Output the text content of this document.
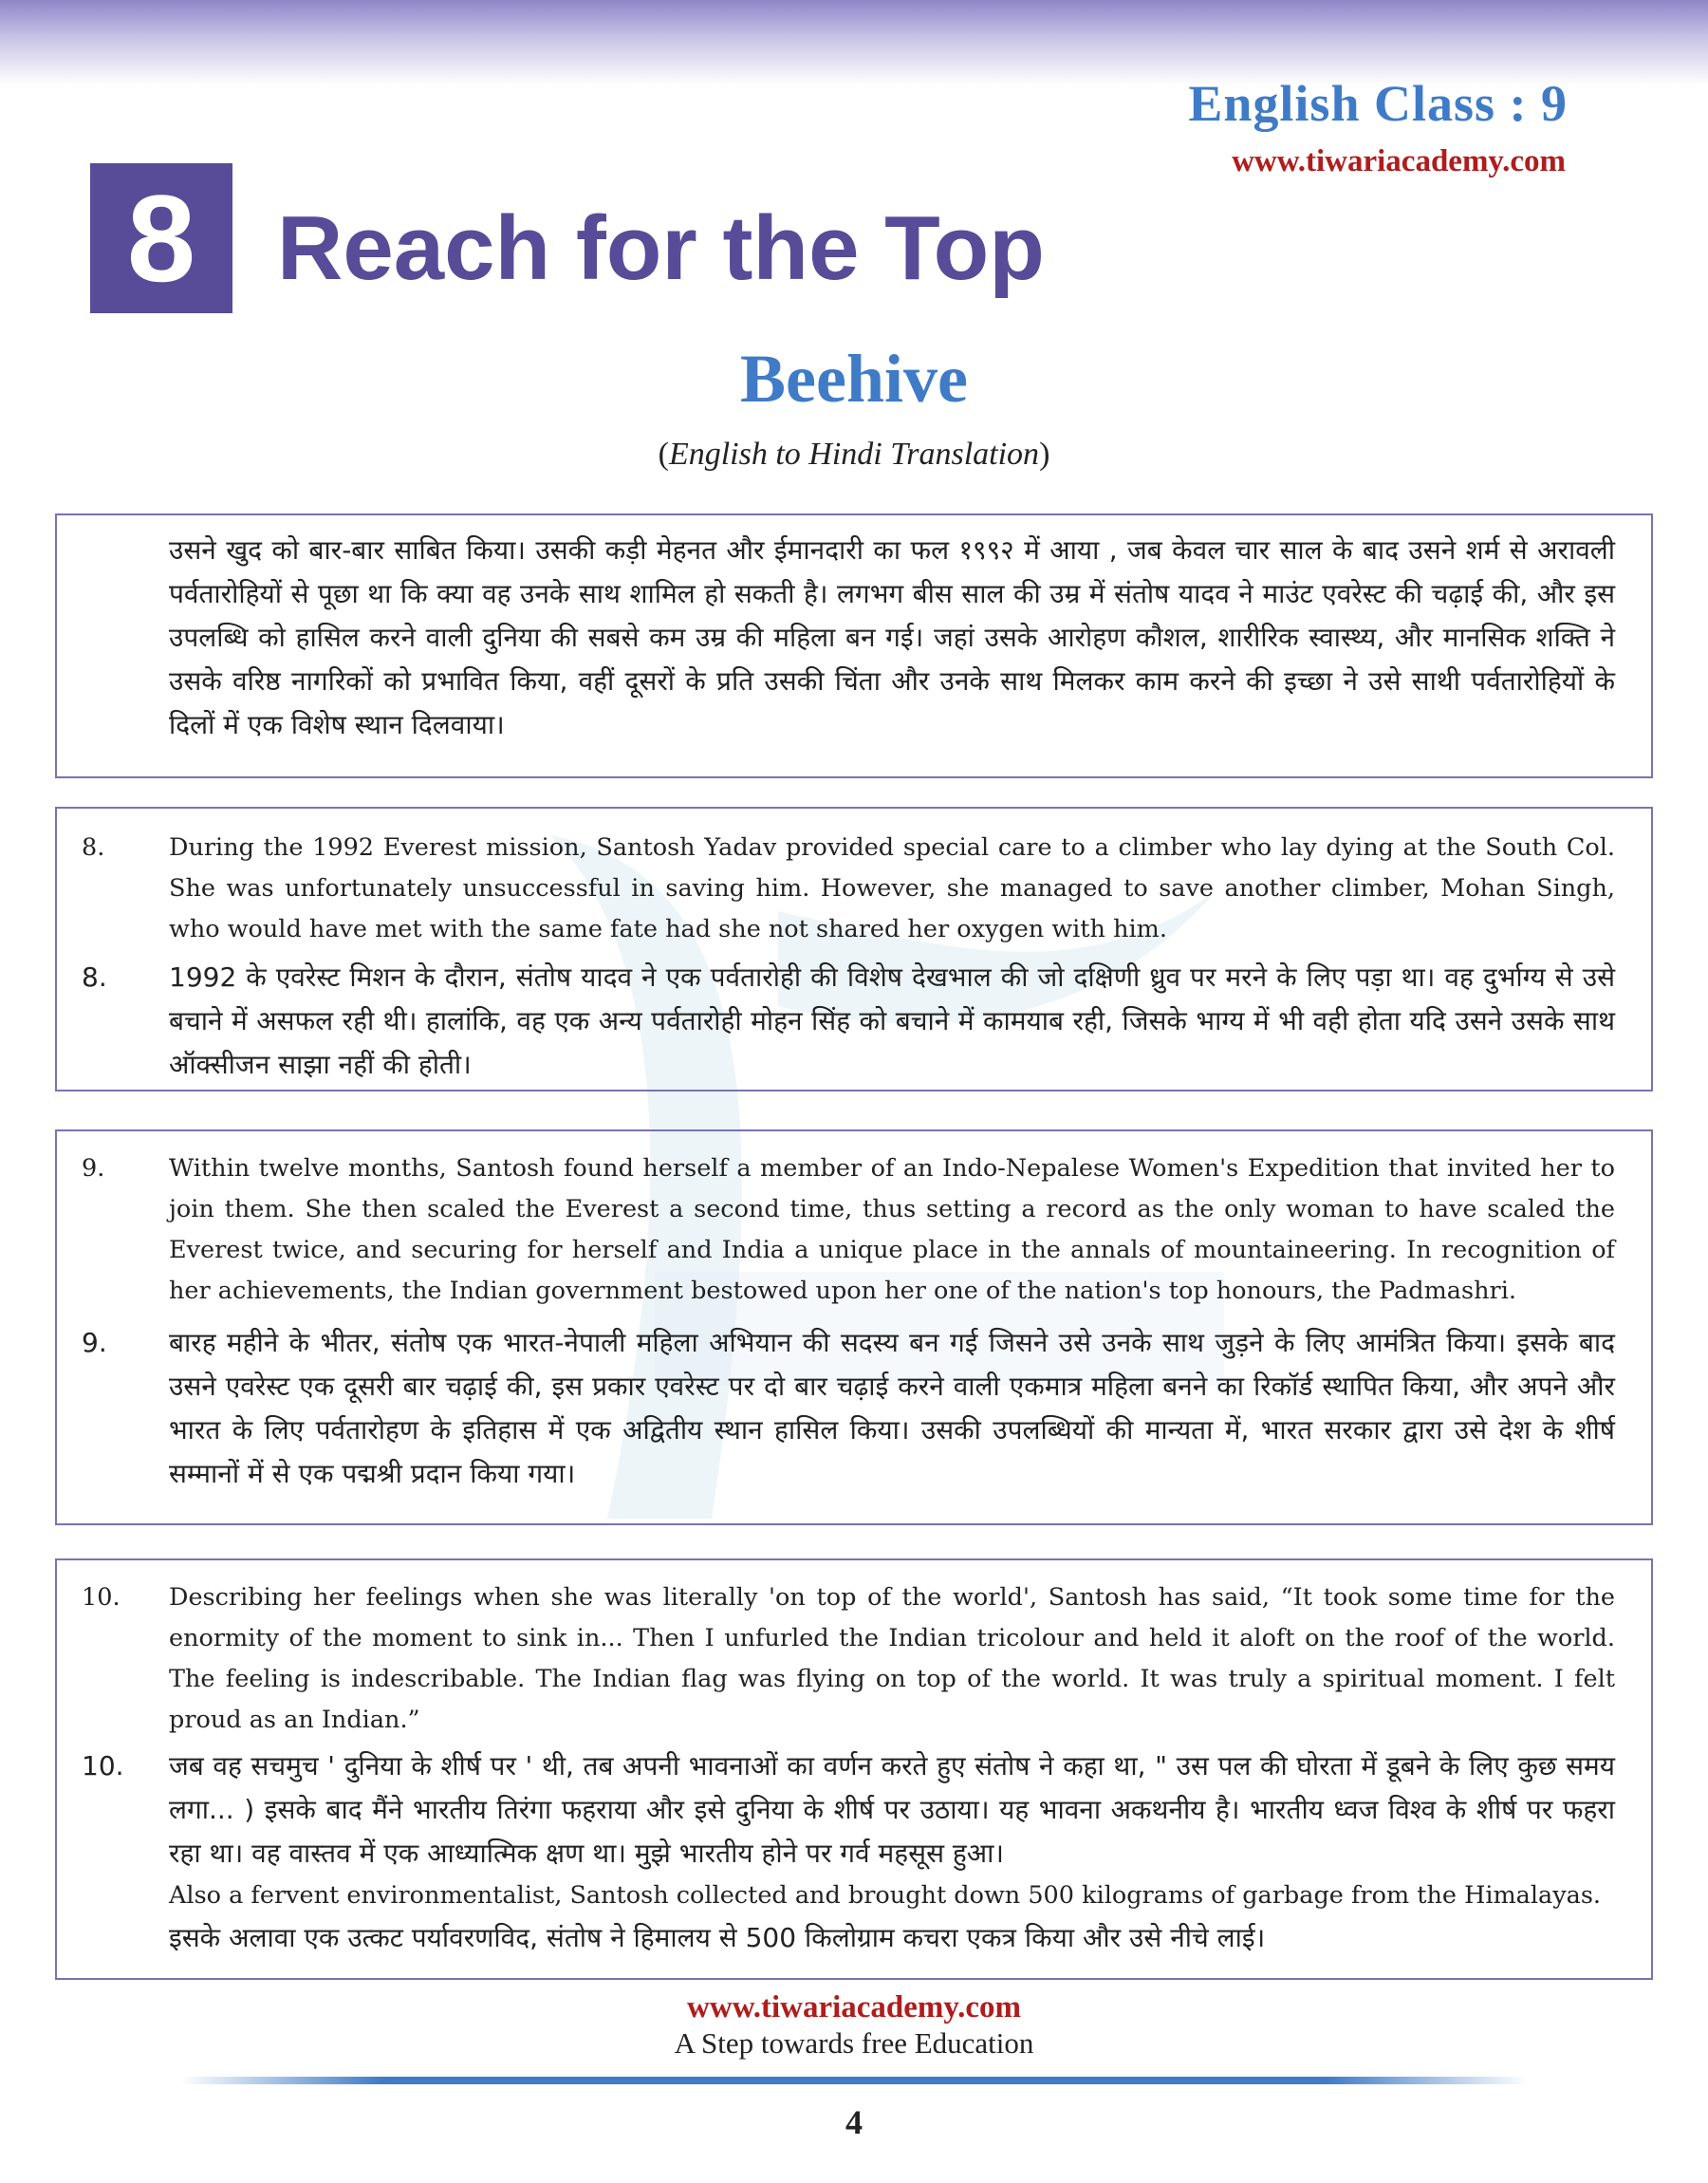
English Class : 9
www.tiwariacademy.com
8 Reach for the Top
Beehive
(English to Hindi Translation)
उसने खुद को बार-बार साबित किया। उसकी कड़ी मेहनत और ईमानदारी का फल १९९२ में आया , जब केवल चार साल के बाद उसने शर्म से अरावली पर्वतारोहियों से पूछा था कि क्या वह उनके साथ शामिल हो सकती है। लगभग बीस साल की उम्र में संतोष यादव ने माउंट एवरेस्ट की चढ़ाई की, और इस उपलब्धि को हासिल करने वाली दुनिया की सबसे कम उम्र की महिला बन गई। जहां उसके आरोहण कौशल, शारीरिक स्वास्थ्य, और मानसिक शक्ति ने उसके वरिष्ठ नागरिकों को प्रभावित किया, वहीं दूसरों के प्रति उसकी चिंता और उनके साथ मिलकर काम करने की इच्छा ने उसे साथी पर्वतारोहियों के दिलों में एक विशेष स्थान दिलवाया।
8.	During the 1992 Everest mission, Santosh Yadav provided special care to a climber who lay dying at the South Col. She was unfortunately unsuccessful in saving him. However, she managed to save another climber, Mohan Singh, who would have met with the same fate had she not shared her oxygen with him.
8.	1992 के एवरेस्ट मिशन के दौरान, संतोष यादव ने एक पर्वतारोही की विशेष देखभाल की जो दक्षिणी ध्रुव पर मरने के लिए पड़ा था। वह दुर्भाग्य से उसे बचाने में असफल रही थी। हालांकि, वह एक अन्य पर्वतारोही मोहन सिंह को बचाने में कामयाब रही, जिसके भाग्य में भी वही होता यदि उसने उसके साथ ऑक्सीजन साझा नहीं की होती।
9.	Within twelve months, Santosh found herself a member of an Indo-Nepalese Women's Expedition that invited her to join them. She then scaled the Everest a second time, thus setting a record as the only woman to have scaled the Everest twice, and securing for herself and India a unique place in the annals of mountaineering. In recognition of her achievements, the Indian government bestowed upon her one of the nation's top honours, the Padmashri.
9.	बारह महीने के भीतर, संतोष एक भारत-नेपाली महिला अभियान की सदस्य बन गई जिसने उसे उनके साथ जुड़ने के लिए आमंत्रित किया। इसके बाद उसने एवरेस्ट एक दूसरी बार चढ़ाई की, इस प्रकार एवरेस्ट पर दो बार चढ़ाई करने वाली एकमात्र महिला बनने का रिकॉर्ड स्थापित किया, और अपने और भारत के लिए पर्वतारोहण के इतिहास में एक अद्वितीय स्थान हासिल किया। उसकी उपलब्धियों की मान्यता में, भारत सरकार द्वारा उसे देश के शीर्ष सम्मानों में से एक पद्मश्री प्रदान किया गया।
10.	Describing her feelings when she was literally 'on top of the world', Santosh has said, “It took some time for the enormity of the moment to sink in... Then I unfurled the Indian tricolour and held it aloft on the roof of the world. The feeling is indescribable. The Indian flag was flying on top of the world. It was truly a spiritual moment. I felt proud as an Indian.”
10.	जब वह सचमुच ' दुनिया के शीर्ष पर ' थी, तब अपनी भावनाओं का वर्णन करते हुए संतोष ने कहा था, " उस पल की घोरता में डूबने के लिए कुछ समय लगा... ) इसके बाद मैंने भारतीय तिरंगा फहराया और इसे दुनिया के शीर्ष पर उठाया। यह भावना अकथनीय है। भारतीय ध्वज विश्व के शीर्ष पर फहरा रहा था। वह वास्तव में एक आध्यात्मिक क्षण था। मुझे भारतीय होने पर गर्व महसूस हुआ।
Also a fervent environmentalist, Santosh collected and brought down 500 kilograms of garbage from the Himalayas.
इसके अलावा एक उत्कट पर्यावरणविद, संतोष ने हिमालय से 500 किलोग्राम कचरा एकत्र किया और उसे नीचे लाई।
www.tiwariacademy.com
A Step towards free Education
4
